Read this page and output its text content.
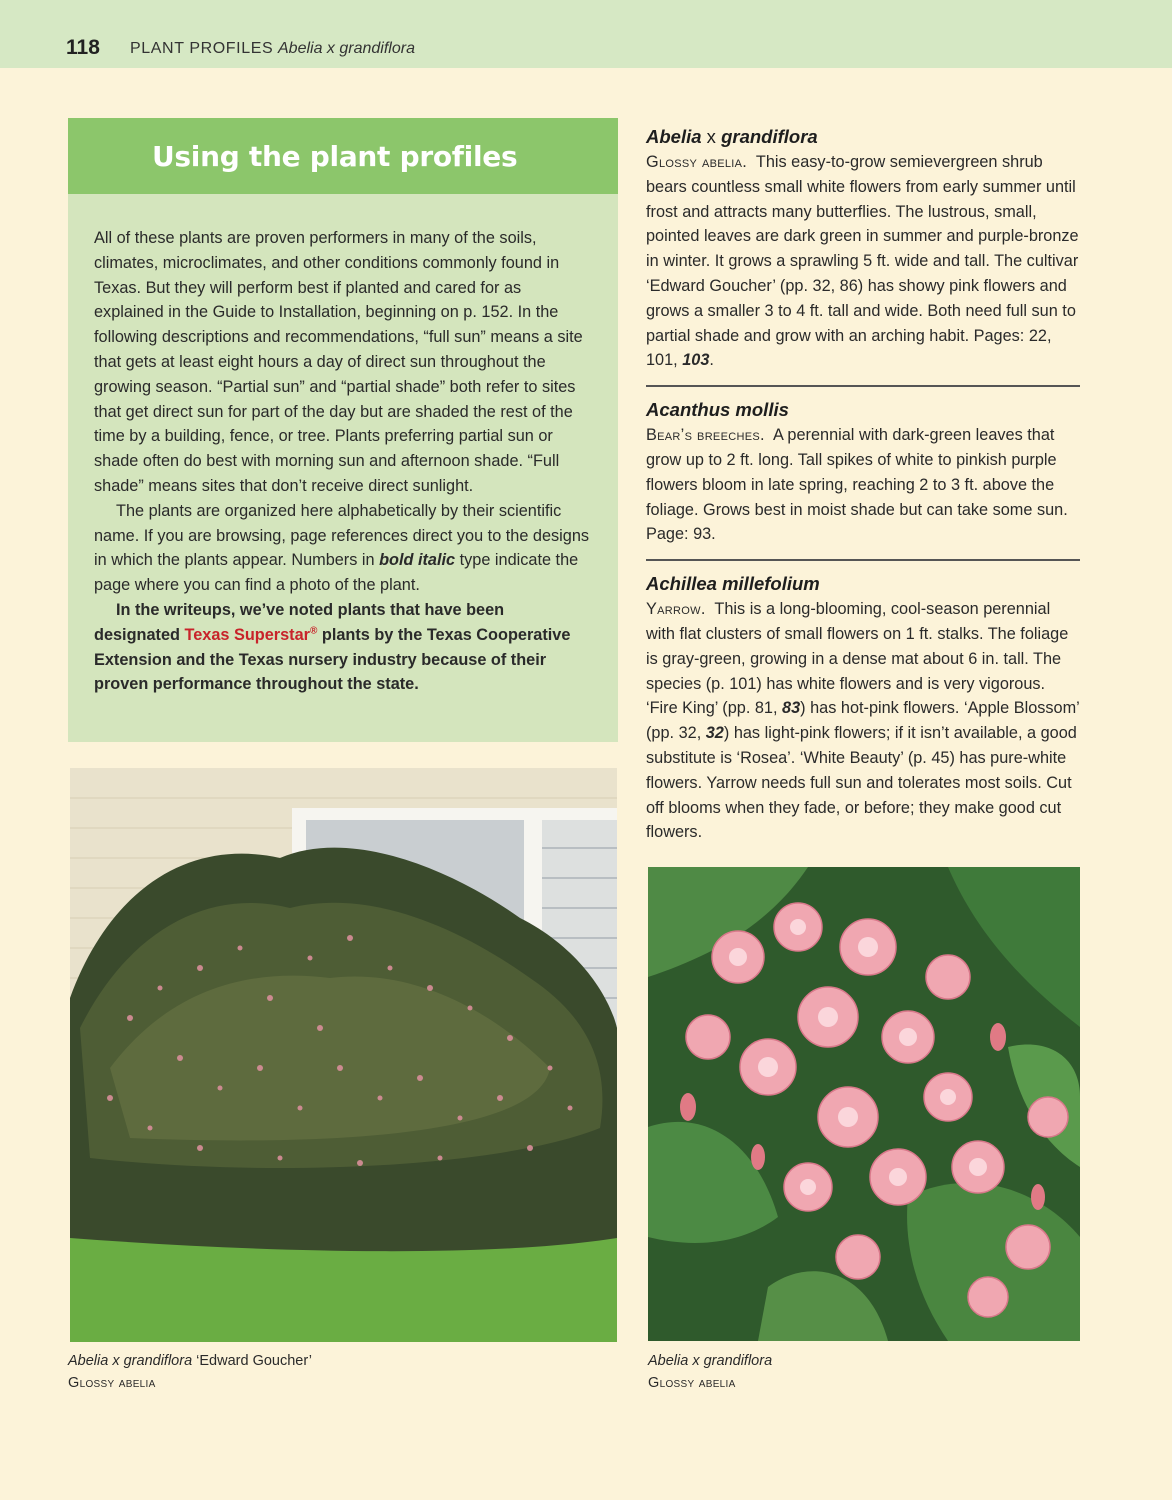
118 PLANT PROFILES Abelia x grandiflora
Using the plant profiles

All of these plants are proven performers in many of the soils, climates, microclimates, and other conditions commonly found in Texas. But they will perform best if planted and cared for as explained in the Guide to Installation, beginning on p. 152. In the following descriptions and recommendations, “full sun” means a site that gets at least eight hours a day of direct sun throughout the growing season. “Partial sun” and “partial shade” both refer to sites that get direct sun for part of the day but are shaded the rest of the time by a building, fence, or tree. Plants preferring partial sun or shade often do best with morning sun and afternoon shade. “Full shade” means sites that don’t receive direct sunlight.

The plants are organized here alphabetically by their scientific name. If you are browsing, page references direct you to the designs in which the plants appear. Numbers in bold italic type indicate the page where you can find a photo of the plant.

In the writeups, we’ve noted plants that have been designated Texas Superstar® plants by the Texas Cooperative Extension and the Texas nursery industry because of their proven performance throughout the state.

Abelia x grandiflora ‘Edward Goucher’
Glossy abelia
Abelia x grandiflora
Glossy abelia
Abelia x grandiflora

Glossy abelia. This easy-to-grow semievergreen shrub bears countless small white flowers from early summer until frost and attracts many butterflies. The lustrous, small, pointed leaves are dark green in summer and purple-bronze in winter. It grows a sprawling 5 ft. wide and tall. The cultivar ‘Edward Goucher’ (pp. 32, 86) has showy pink flowers and grows a smaller 3 to 4 ft. tall and wide. Both need full sun to partial shade and grow with an arching habit. Pages: 22, 101, 103.

Acanthus mollis

Bear’s breeches. A perennial with dark-green leaves that grow up to 2 ft. long. Tall spikes of white to pinkish purple flowers bloom in late spring, reaching 2 to 3 ft. above the foliage. Grows best in moist shade but can take some sun. Page: 93.

Achillea millefolium

Yarrow. This is a long-blooming, cool-season perennial with flat clusters of small flowers on 1 ft. stalks. The foliage is gray-green, growing in a dense mat about 6 in. tall. The species (p. 101) has white flowers and is very vigorous. ‘Fire King’ (pp. 81, 83) has hot-pink flowers. ‘Apple Blossom’ (pp. 32, 32) has light-pink flowers; if it isn’t available, a good substitute is ‘Rosea’. ‘White Beauty’ (p. 45) has pure-white flowers. Yarrow needs full sun and tolerates most soils. Cut off blooms when they fade, or before; they make good cut flowers.
